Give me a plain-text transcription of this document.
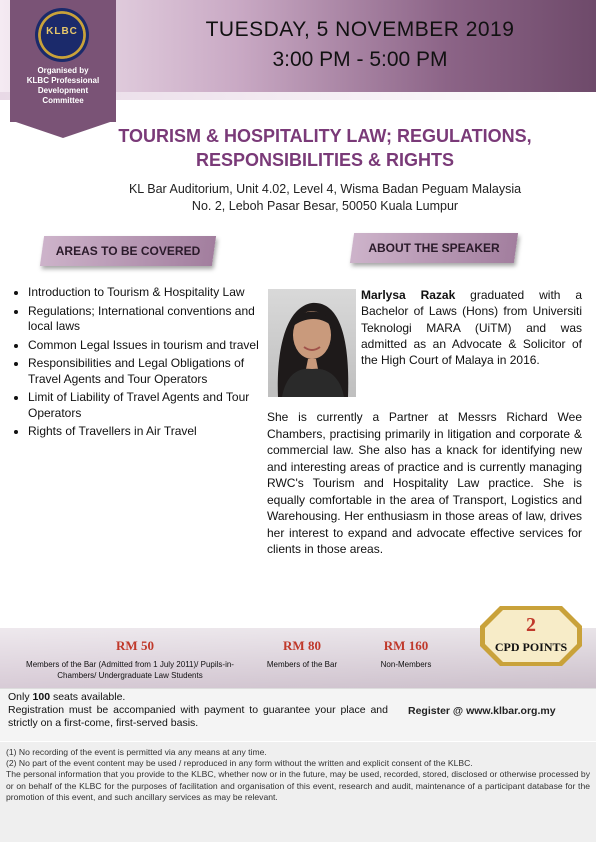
KLBC
Organised by
KLBC Professional
Development
Committee
TUESDAY, 5 NOVEMBER 2019
3:00 PM - 5:00 PM
TOURISM & HOSPITALITY LAW; REGULATIONS,
RESPONSIBILITIES & RIGHTS
KL Bar Auditorium, Unit 4.02, Level 4, Wisma Badan Peguam Malaysia
No. 2, Leboh Pasar Besar, 50050 Kuala Lumpur
AREAS TO BE COVERED	ABOUT THE SPEAKER
• Introduction to Tourism & Hospitality Law
• Regulations; International conventions and local laws
• Common Legal Issues in tourism and travel
• Responsibilities and Legal Obligations of Travel Agents and Tour Operators
• Limit of Liability of Travel Agents and Tour Operators
• Rights of Travellers in Air Travel
Marlysa Razak graduated with a Bachelor of Laws (Hons) from Universiti Teknologi MARA (UiTM) and was admitted as an Advocate & Solicitor of the High Court of Malaya in 2016.
She is currently a Partner at Messrs Richard Wee Chambers, practising primarily in litigation and corporate & commercial law. She also has a knack for identifying new and interesting areas of practice and is currently managing RWC's Tourism and Hospitality Law practice. She is equally comfortable in the area of Transport, Logistics and Warehousing. Her enthusiasm in those areas of law, drives her interest to expand and advocate effective services for clients in those areas.
RM 50
Members of the Bar (Admitted from 1 July 2011)/ Pupils-in-Chambers/ Undergraduate Law Students
RM 80
Members of the Bar
RM 160
Non-Members
2
CPD POINTS
Only 100 seats available.
Registration must be accompanied with payment to guarantee your place and strictly on a first-come, first-served basis.
Register @ www.klbar.org.my
(1) No recording of the event is permitted via any means at any time.
(2) No part of the event content may be used / reproduced in any form without the written and explicit consent of the KLBC.
The personal information that you provide to the KLBC, whether now or in the future, may be used, recorded, stored, disclosed or otherwise processed by or on behalf of the KLBC for the purposes of facilitation and organisation of this event, research and audit, maintenance of a participant database for the promotion of this event, and such ancillary services as may be relevant.
